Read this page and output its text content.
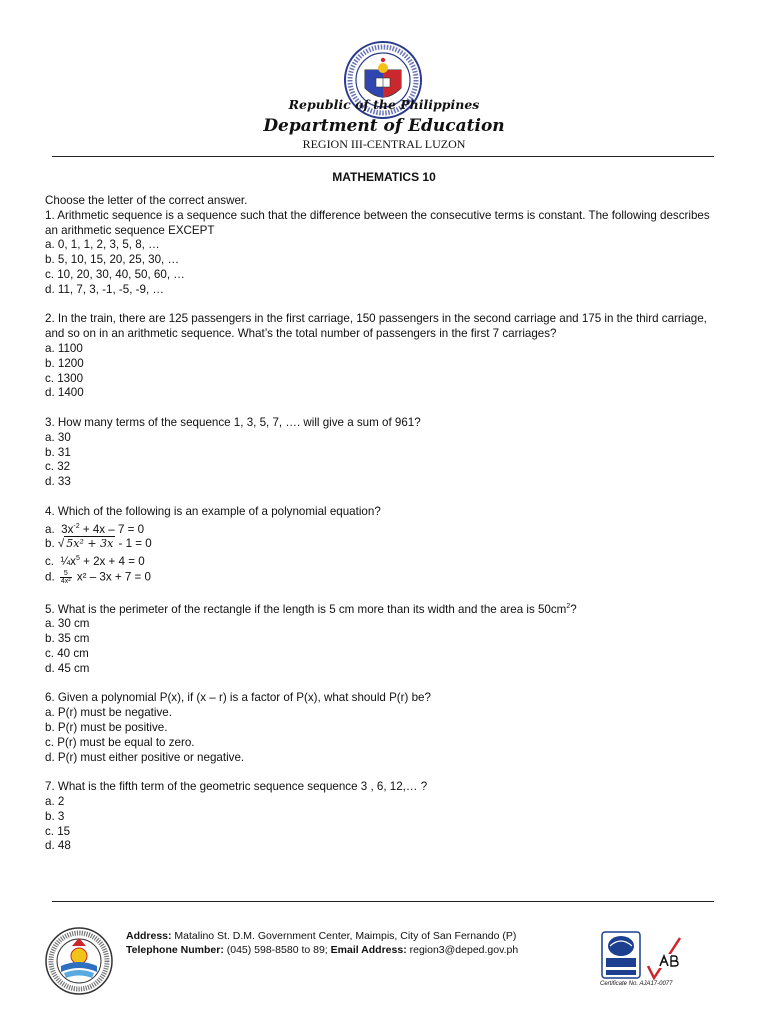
Republic of the Philippines
Department of Education
REGION III-CENTRAL LUZON
MATHEMATICS 10

Choose the letter of the correct answer.

1. Arithmetic sequence is a sequence such that the difference between the consecutive terms is constant. The following describes an arithmetic sequence EXCEPT

a. 0, 1, 1, 2, 3, 5, 8, …

b. 5, 10, 15, 20, 25, 30, …

c. 10, 20, 30, 40, 50, 60, …

d. 11, 7, 3, -1, -5, -9, …

2. In the train, there are 125 passengers in the first carriage, 150 passengers in the second carriage and 175 in the third carriage, and so on in an arithmetic sequence. What’s the total number of passengers in the first 7 carriages?

a. 1100

b. 1200

c. 1300

d. 1400

3. How many terms of the sequence 1, 3, 5, 7, …. will give a sum of 961?

a. 30

b. 31

c. 32

d. 33

4. Which of the following is an example of a polynomial equation?

a. $3x^{-2} + 4x - 7 = 0$

b. √ 5x² + 3x - 1 = 0

c. $\frac{1}{4}x^5 + 2x + 4 = 0$

d. $\frac{5}{\text{4x²}} x^2 - 3x + 7 = 0$

5. What is the perimeter of the rectangle if the length is 5 cm more than its width and the area is $50cm^2$?

a. 30 cm

b. 35 cm

c. 40 cm

d. 45 cm

6. Given a polynomial P(x), if (x – r) is a factor of P(x), what should P(r) be?

a. P(r) must be negative.

b. P(r) must be positive.

c. P(r) must be equal to zero.

d. P(r) must either positive or negative.

7. What is the fifth term of the geometric sequence sequence 3 , 6, 12,… ?

a. 2

b. 3

c. 15

d. 48

Address: Matalino St. D.M. Government Center, Maimpis, City of San Fernando (P)
Telephone Number: (045) 598-8580 to 89; Email Address: region3@deped.gov.ph
Certificate No. AJA17-0077
